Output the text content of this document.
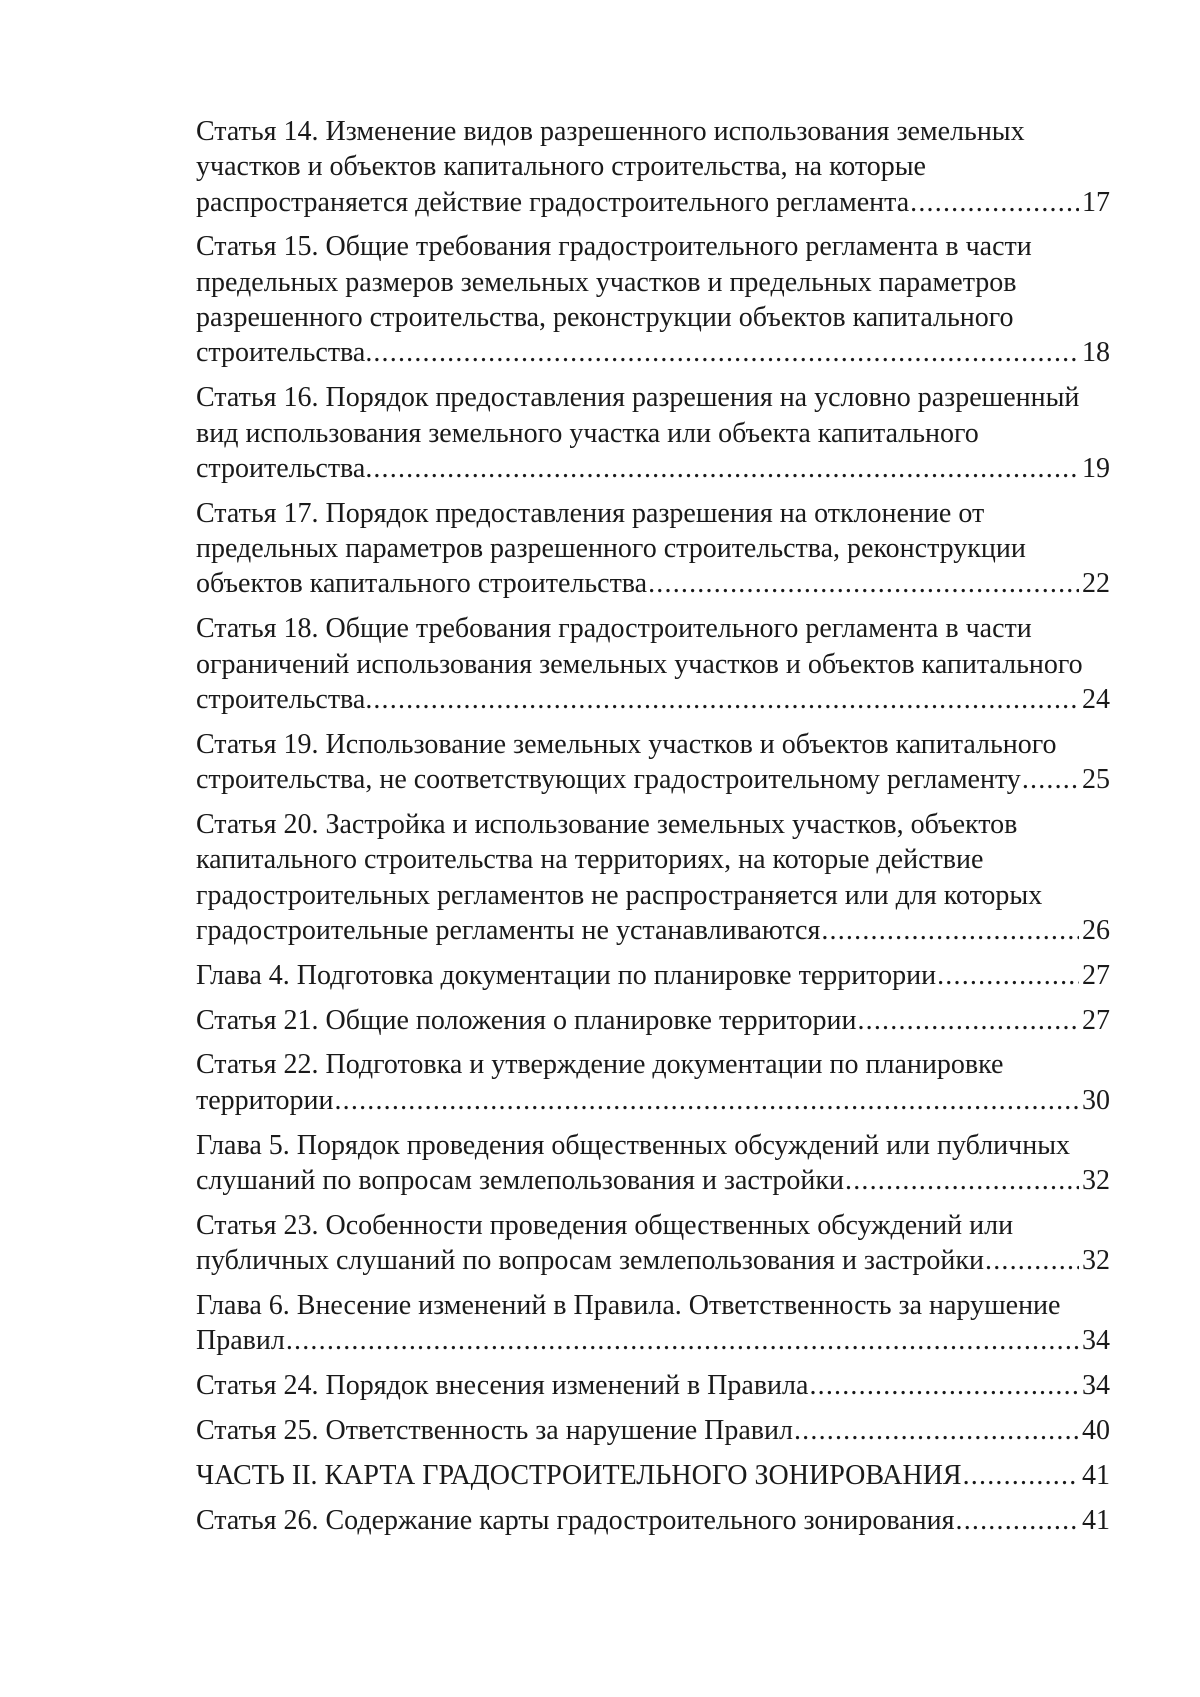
Статья 14. Изменение видов разрешенного использования земельных
участков и объектов капитального строительства, на которые
распространяется действие градостроительного регламента .....	17
Статья 15. Общие требования градостроительного регламента в части
предельных размеров земельных участков и предельных параметров
разрешенного строительства, реконструкции объектов капитального
строительства. .....	18
Статья 16. Порядок предоставления разрешения на условно разрешенный
вид использования земельного участка или объекта капитального
строительства. .....	19
Статья 17. Порядок предоставления разрешения на отклонение от
предельных параметров разрешенного строительства, реконструкции
объектов капитального строительства .....	22
Статья 18. Общие требования градостроительного регламента в части
ограничений использования земельных участков и объектов капитального
строительства. .....	24
Статья 19. Использование земельных участков и объектов капитального
строительства, не соответствующих градостроительному регламенту ..... 25
Статья 20. Застройка и использование земельных участков, объектов
капитального строительства на территориях, на которые действие
градостроительных регламентов не распространяется или для которых
градостроительные регламенты не устанавливаются .....	26
Глава 4. Подготовка документации по планировке территории .....	27
Статья 21. Общие положения о планировке территории .....	27
Статья 22. Подготовка и утверждение документации по планировке
территории .....	30
Глава 5. Порядок проведения общественных обсуждений или публичных
слушаний по вопросам землепользования и застройки .....	32
Статья 23. Особенности проведения общественных обсуждений или
публичных слушаний по вопросам землепользования и застройки .....	32
Глава 6. Внесение изменений в Правила. Ответственность за нарушение
Правил .....	34
Статья 24. Порядок внесения изменений в Правила .....	34
Статья 25. Ответственность за нарушение Правил .....	40
ЧАСТЬ II. КАРТА ГРАДОСТРОИТЕЛЬНОГО ЗОНИРОВАНИЯ .....	41
Статья 26. Содержание карты градостроительного зонирования .....	41
